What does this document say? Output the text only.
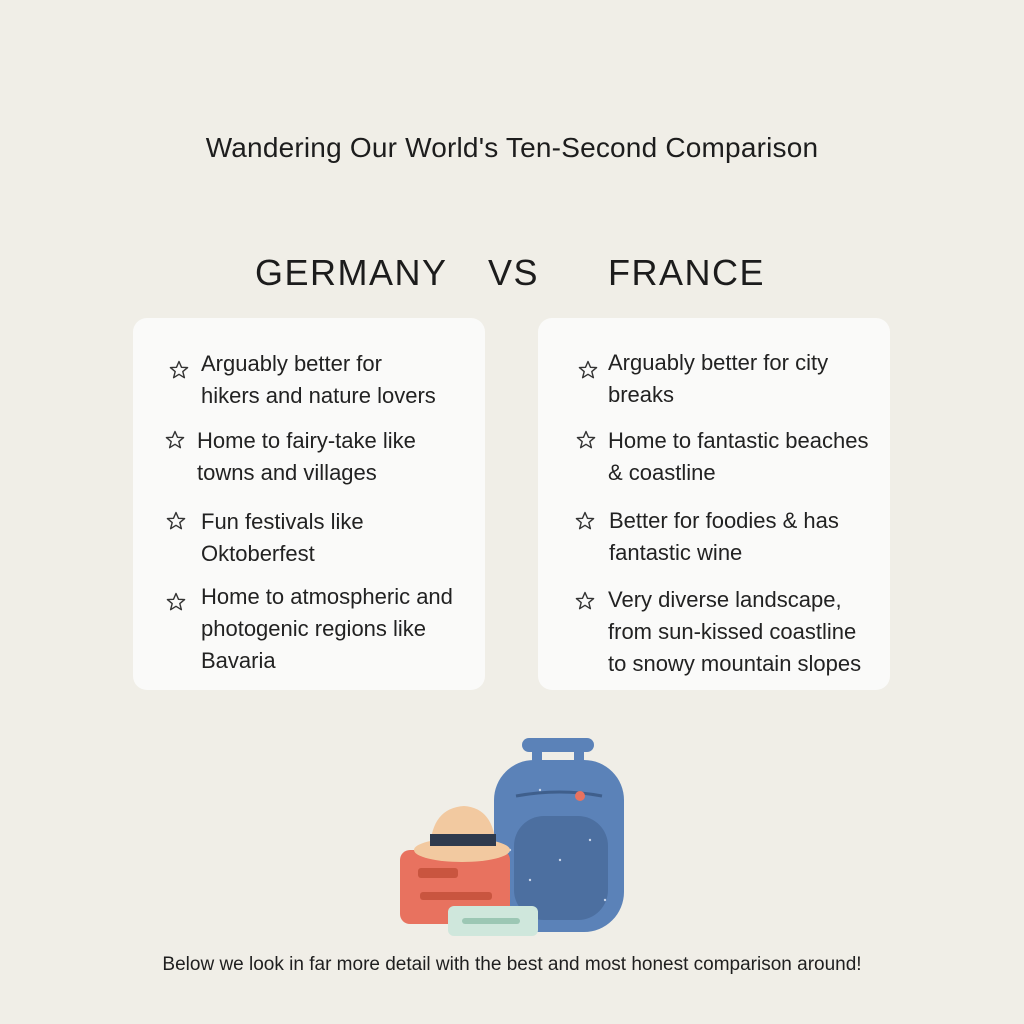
Wandering Our World's Ten-Second Comparison
GERMANY VS FRANCE
Arguably better for
hikers and nature lovers
Home to fairy-take like
towns and villages
Fun festivals like
Oktoberfest
Home to atmospheric and
photogenic regions like
Bavaria
Arguably better for city
breaks
Home to fantastic beaches
& coastline
Better for foodies & has
fantastic wine
Very diverse landscape,
from sun-kissed coastline
to snowy mountain slopes
Below we look in far more detail with the best and most honest comparison around!
